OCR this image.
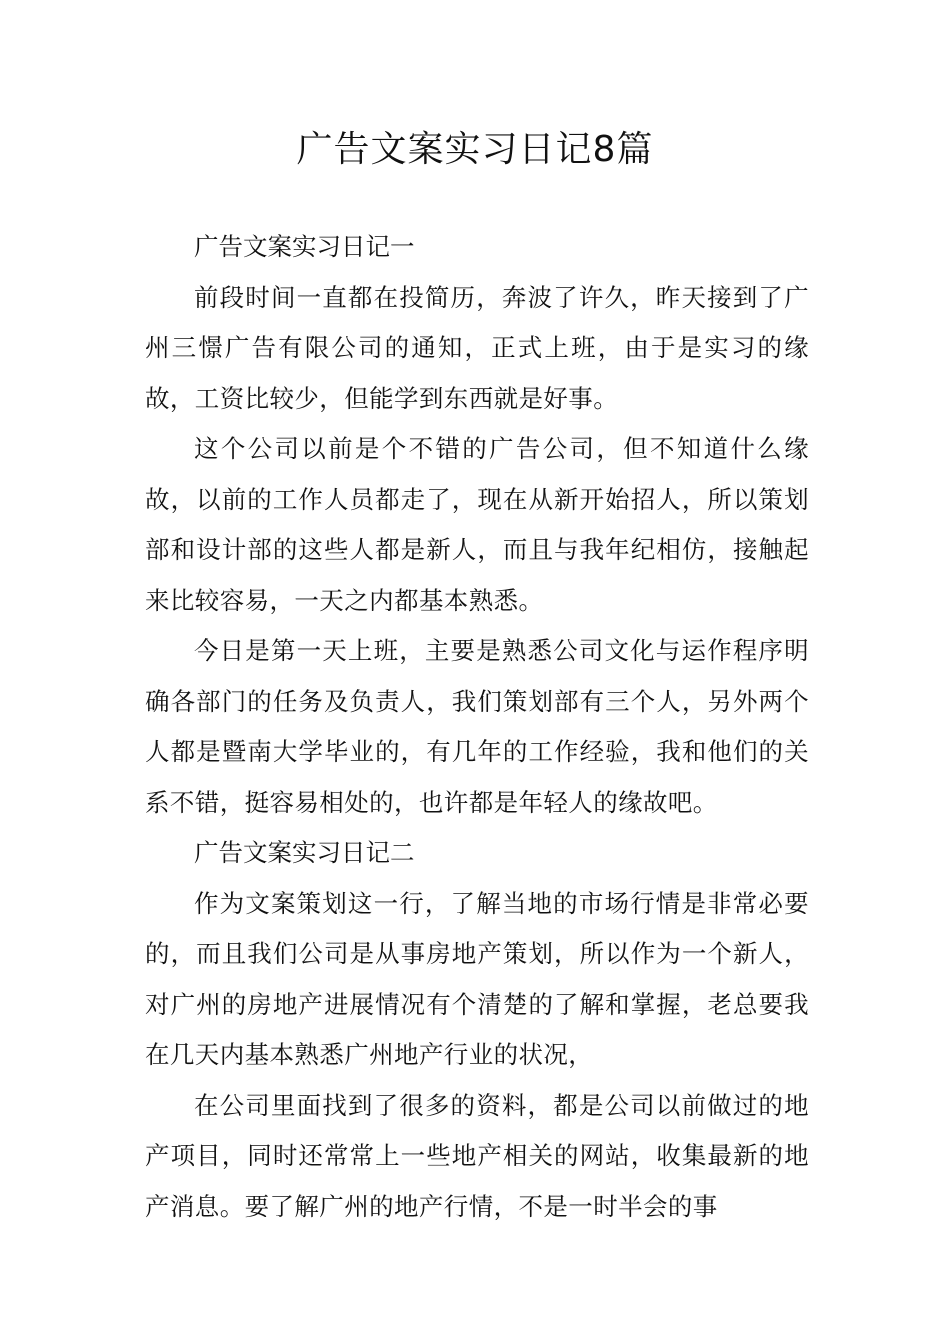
广告文案实习日记8篇

广告文案实习日记一

前段时间一直都在投简历，奔波了许久，昨天接到了广州三憬广告有限公司的通知，正式上班，由于是实习的缘故，工资比较少，但能学到东西就是好事。

这个公司以前是个不错的广告公司，但不知道什么缘故，以前的工作人员都走了，现在从新开始招人，所以策划部和设计部的这些人都是新人，而且与我年纪相仿，接触起来比较容易，一天之内都基本熟悉。

今日是第一天上班，主要是熟悉公司文化与运作程序明确各部门的任务及负责人，我们策划部有三个人，另外两个人都是暨南大学毕业的，有几年的工作经验，我和他们的关系不错，挺容易相处的，也许都是年轻人的缘故吧。

广告文案实习日记二

作为文案策划这一行，了解当地的市场行情是非常必要的，而且我们公司是从事房地产策划，所以作为一个新人，对广州的房地产进展情况有个清楚的了解和掌握，老总要我在几天内基本熟悉广州地产行业的状况，

在公司里面找到了很多的资料，都是公司以前做过的地产项目，同时还常常上一些地产相关的网站，收集最新的地产消息。要了解广州的地产行情，不是一时半会的事
